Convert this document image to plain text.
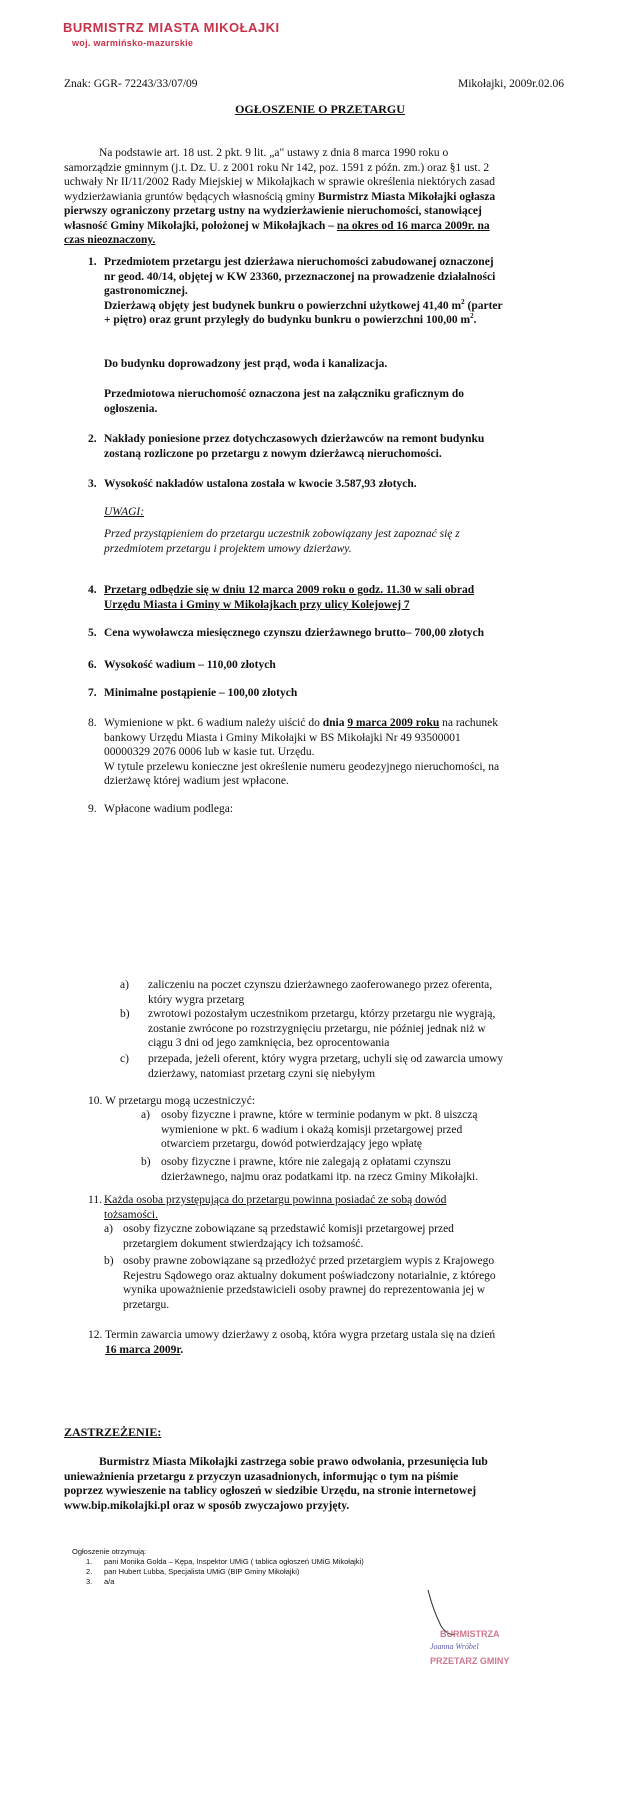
BURMISTRZ MIASTA MIKOŁAJKI
woj. warmińsko-mazurskie
Znak: GGR- 72243/33/07/09	Mikołajki, 2009r.02.06
OGŁOSZENIE O PRZETARGU
Na podstawie art. 18 ust. 2 pkt. 9 lit. „a" ustawy z dnia 8 marca 1990 roku o
samorządzie gminnym (j.t. Dz. U. z 2001 roku Nr 142, poz. 1591 z późn. zm.) oraz §1 ust. 2
uchwały Nr II/11/2002 Rady Miejskiej w Mikołajkach w sprawie określenia niektórych zasad
wydzierżawiania gruntów będących własnością gminy Burmistrz Miasta Mikołajki ogłasza
pierwszy ograniczony przetarg ustny na wydzierżawienie nieruchomości, stanowiącej
własność Gminy Mikołajki, położonej w Mikołajkach – na okres od 16 marca 2009r. na
czas nieoznaczony.
1. Przedmiotem przetargu jest dzierżawa nieruchomości zabudowanej oznaczonej
nr geod. 40/14, objętej w KW 23360, przeznaczonej na prowadzenie działalności
gastronomicznej.
Dzierżawą objęty jest budynek bunkru o powierzchni użytkowej 41,40 $m^2$ (parter
+ piętro) oraz grunt przyległy do budynku bunkru o powierzchni 100,00 $m^2$.
Do budynku doprowadzony jest prąd, woda i kanalizacja.
Przedmiotowa nieruchomość oznaczona jest na załączniku graficznym do
ogłoszenia.
2. Nakłady poniesione przez dotychczasowych dzierżawców na remont budynku
zostaną rozliczone po przetargu z nowym dzierżawcą nieruchomości.
3. Wysokość nakładów ustalona została w kwocie 3.587,93 złotych.
UWAGI:
Przed przystąpieniem do przetargu uczestnik zobowiązany jest zapoznać się z
przedmiotem przetargu i projektem umowy dzierżawy.
4. Przetarg odbędzie się w dniu 12 marca 2009 roku o godz. 11.30 w sali obrad
Urzędu Miasta i Gminy w Mikołajkach przy ulicy Kolejowej 7
5. Cena wywoławcza miesięcznego czynszu dzierżawnego brutto– 700,00 złotych
6. Wysokość wadium – 110,00 złotych
7. Minimalne postąpienie – 100,00 złotych
8. Wymienione w pkt. 6 wadium należy uiścić do dnia 9 marca 2009 roku na rachunek
bankowy Urzędu Miasta i Gminy Mikołajki w BS Mikołajki Nr 49 93500001
00000329 2076 0006 lub w kasie tut. Urzędu.
W tytule przelewu konieczne jest określenie numeru geodezyjnego nieruchomości, na
dzierżawę której wadium jest wpłacone.
9. Wpłacone wadium podlega:
a) zaliczeniu na poczet czynszu dzierżawnego zaoferowanego przez oferenta,
który wygra przetarg
b) zwrotowi pozostałym uczestnikom przetargu, którzy przetargu nie wygrają,
zostanie zwrócone po rozstrzygnięciu przetargu, nie później jednak niż w
ciągu 3 dni od jego zamknięcia, bez oprocentowania
c) przepada, jeżeli oferent, który wygra przetarg, uchyli się od zawarcia umowy
dzierżawy, natomiast przetarg czyni się niebyłym
10. W przetargu mogą uczestniczyć:
a) osoby fizyczne i prawne, które w terminie podanym w pkt. 8 uiszczą
wymienione w pkt. 6 wadium i okażą komisji przetargowej przed
otwarciem przetargu, dowód potwierdzający jego wpłatę
b) osoby fizyczne i prawne, które nie zalegają z opłatami czynszu
dzierżawnego, najmu oraz podatkami itp. na rzecz Gminy Mikołajki.
11. Każda osoba przystępująca do przetargu powinna posiadać ze sobą dowód
tożsamości.
a) osoby fizyczne zobowiązane są przedstawić komisji przetargowej przed
przetargiem dokument stwierdzający ich tożsamość.
b) osoby prawne zobowiązane są przedłożyć przed przetargiem wypis z Krajowego
Rejestru Sądowego oraz aktualny dokument poświadczony notarialnie, z którego
wynika upoważnienie przedstawicieli osoby prawnej do reprezentowania jej w
przetargu.
12. Termin zawarcia umowy dzierżawy z osobą, która wygra przetarg ustala się na dzień
16 marca 2009r.
ZASTRZEŻENIE:
Burmistrz Miasta Mikołajki zastrzega sobie prawo odwołania, przesunięcia lub
unieważnienia przetargu z przyczyn uzasadnionych, informując o tym na piśmie
poprzez wywieszenie na tablicy ogłoszeń w siedzibie Urzędu, na stronie internetowej
www.bip.mikolajki.pl oraz w sposób zwyczajowo przyjęty.
Ogłoszenie otrzymują:
1. pani Monika Golda – Kępa, Inspektor UMiG ( tablica ogłoszeń UMiG Mikołajki)
2. pan Hubert Lubba, Specjalista UMiG (BIP Gminy Mikołajki)
3. a/a
BURMISTRZA
Joanna Wróbel
PRZETARZ GMINY
